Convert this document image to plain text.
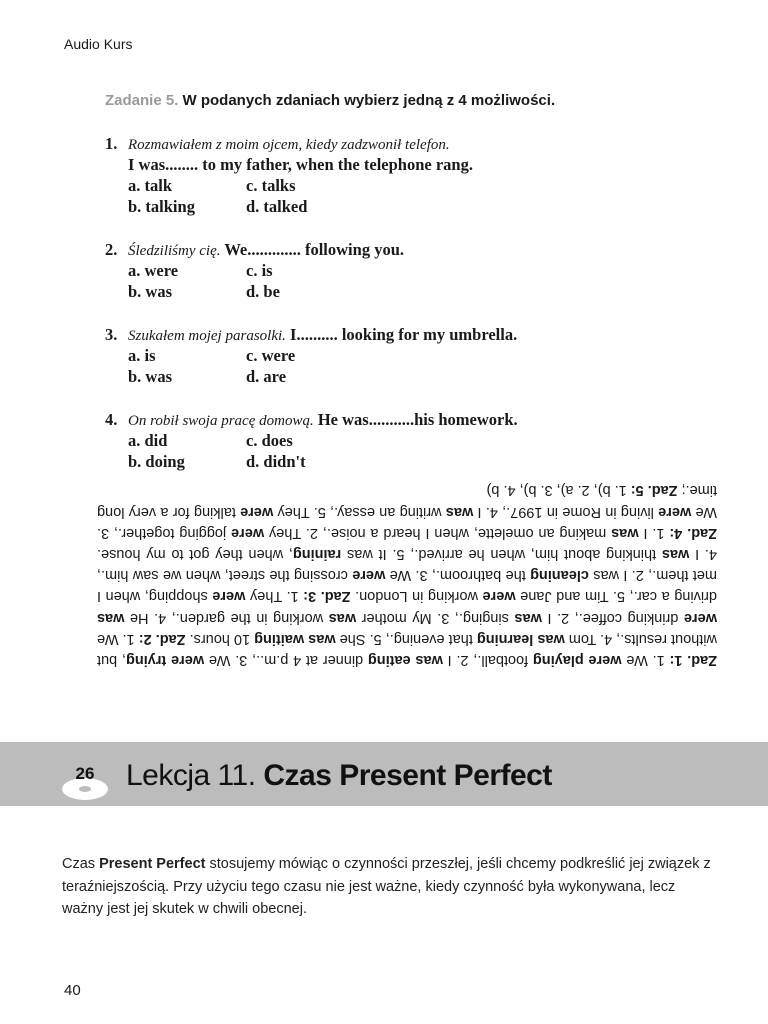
Audio Kurs
Zadanie 5. W podanych zdaniach wybierz jedną z 4 możliwości.
1. Rozmawiałem z moim ojcem, kiedy zadzwonił telefon.
I was........ to my father, when the telephone rang.
a. talk	c. talks
b. talking	d. talked
2. Śledziliśmy cię. We............. following you.
a. were	c. is
b. was	d. be
3. Szukałem mojej parasolki. I.......... looking for my umbrella.
a. is	c. were
b. was	d. are
4. On robił swoja pracę domową. He was...........his homework.
a. did	c. does
b. doing	d. didn't
Zad. 1: 1. We were playing football., 2. I was eating dinner at 4 p.m.., 3. We were trying, but without results., 4. Tom was learning that evening., 5. She was waiting 10 hours. Zad. 2: 1. We were drinking coffee., 2. I was singing., 3. My mother was working in the garden., 4. He was driving a car., 5. Tim and Jane were working in London. Zad. 3: 1. They were shopping, when I met them., 2. I was cleaning the bathroom., 3. We were crossing the street, when we saw him., 4. I was thinking about him, when he arrived., 5. It was raining, when they got to my house. Zad. 4: 1. I was making an omelette, when I heard a noise., 2. They were jogging together., 3. We were living in Rome in 1997., 4. I was writing an essay., 5. They were talking for a very long time.; Zad. 5: 1. b), 2. a), 3. b), 4. b)
26	Lekcja 11. Czas Present Perfect
Czas Present Perfect stosujemy mówiąc o czynności przeszłej, jeśli chcemy podkreślić jej związek z teraźniejszością. Przy użyciu tego czasu nie jest ważne, kiedy czynność była wykonywana, lecz ważny jest jej skutek w chwili obecnej.
40
